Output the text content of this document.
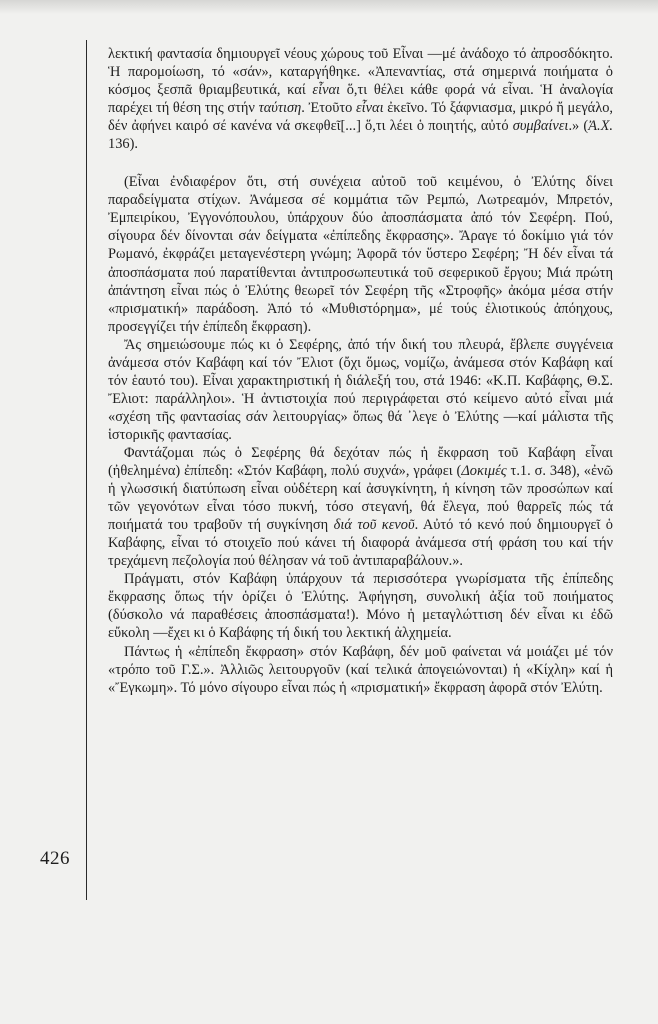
426

λεκτική φαντασία δημιουργεῖ νέους χώρους τοῦ Εἶναι —μέ ἀνάδοχο τό ἀπροσδόκητο. Ἡ παρομοίωση, τό «σάν», καταργήθηκε. «Ἀπεναντίας, στά σημερινά ποιήματα ὁ κόσμος ξεσπᾶ θριαμβευτικά, καί εἶναι ὅ,τι θέλει κάθε φορά νά εἶναι. Ἡ ἀναλογία παρέχει τή θέση της στήν ταύτιση. Ἐτοῦτο εἶναι ἐκεῖνο. Τό ξάφνιασμα, μικρό ἤ μεγάλο, δέν ἀφήνει καιρό σέ κανένα νά σκεφθεῖ[...] ὅ,τι λέει ὁ ποιητής, αὐτό συμβαίνει.» (Ἀ.Χ. 136).

(Εἶναι ἐνδιαφέρον ὅτι, στή συνέχεια αὐτοῦ τοῦ κειμένου, ὁ Ἐλύτης δίνει παραδείγματα στίχων. Ἀνάμεσα σέ κομμάτια τῶν Ρεμπώ, Λωτρεαμόν, Μπρετόν, Ἐμπειρίκου, Ἐγγονόπουλου, ὑπάρχουν δύο ἀποσπάσματα ἀπό τόν Σεφέρη. Πού, σίγουρα δέν δίνονται σάν δείγματα «ἐπίπεδης ἔκφρασης». Ἄραγε τό δοκίμιο γιά τόν Ρωμανό, ἐκφράζει μεταγενέστερη γνώμη; Ἀφορᾶ τόν ὕστερο Σεφέρη; Ἤ δέν εἶναι τά ἀποσπάσματα πού παρατίθενται ἀντιπροσωπευτικά τοῦ σεφερικοῦ ἔργου; Μιά πρώτη ἀπάντηση εἶναι πώς ὁ Ἐλύτης θεωρεῖ τόν Σεφέρη τῆς «Στροφῆς» ἀκόμα μέσα στήν «πρισματική» παράδοση. Ἀπό τό «Μυθιστόρημα», μέ τούς ἐλιοτικούς ἀπόηχους, προσεγγίζει τήν ἐπίπεδη ἔκφραση).

Ἄς σημειώσουμε πώς κι ὁ Σεφέρης, ἀπό τήν δική του πλευρά, ἔβλεπε συγγένεια ἀνάμεσα στόν Καβάφη καί τόν Ἔλιοτ (ὄχι ὅμως, νομίζω, ἀνάμεσα στόν Καβάφη καί τόν ἑαυτό του). Εἶναι χαρακτηριστική ἡ διάλεξή του, στά 1946: «Κ.Π. Καβάφης, Θ.Σ. Ἔλιοτ: παράλληλοι». Ἡ ἀντιστοιχία πού περιγράφεται στό κείμενο αὐτό εἶναι μιά «σχέση τῆς φαντασίας σάν λειτουργίας» ὅπως θά ᾽λεγε ὁ Ἐλύτης —καί μάλιστα τῆς ἱστορικῆς φαντασίας.

Φαντάζομαι πώς ὁ Σεφέρης θά δεχόταν πώς ἡ ἔκφραση τοῦ Καβάφη εἶναι (ἠθελημένα) ἐπίπεδη: «Στόν Καβάφη, πολύ συχνά», γράφει (Δοκιμές τ.1. σ. 348), «ἐνῶ ἡ γλωσσική διατύπωση εἶναι οὐδέτερη καί ἀσυγκίνητη, ἡ κίνηση τῶν προσώπων καί τῶν γεγονότων εἶναι τόσο πυκνή, τόσο στεγανή, θά ἔλεγα, πού θαρρεῖς πώς τά ποιήματά του τραβοῦν τή συγκίνηση διά τοῦ κενοῦ. Αὐτό τό κενό πού δημιουργεῖ ὁ Καβάφης, εἶναι τό στοιχεῖο πού κάνει τή διαφορά ἀνάμεσα στή φράση του καί τήν τρεχάμενη πεζολογία πού θέλησαν νά τοῦ ἀντιπαραβάλουν.».

Πράγματι, στόν Καβάφη ὑπάρχουν τά περισσότερα γνωρίσματα τῆς ἐπίπεδης ἔκφρασης ὅπως τήν ὁρίζει ὁ Ἐλύτης. Ἀφήγηση, συνολική ἀξία τοῦ ποιήματος (δύσκολο νά παραθέσεις ἀποσπάσματα!). Μόνο ἡ μεταγλώττιση δέν εἶναι κι ἐδῶ εὔκολη —ἔχει κι ὁ Καβάφης τή δική του λεκτική ἀλχημεία.

Πάντως ἡ «ἐπίπεδη ἔκφραση» στόν Καβάφη, δέν μοῦ φαίνεται νά μοιάζει μέ τόν «τρόπο τοῦ Γ.Σ.». Ἀλλιῶς λειτουργοῦν (καί τελικά ἀπογειώνονται) ἡ «Κίχλη» καί ἡ «Ἔγκωμη». Τό μόνο σίγουρο εἶναι πώς ἡ «πρισματική» ἔκφραση ἀφορᾶ στόν Ἐλύτη.
